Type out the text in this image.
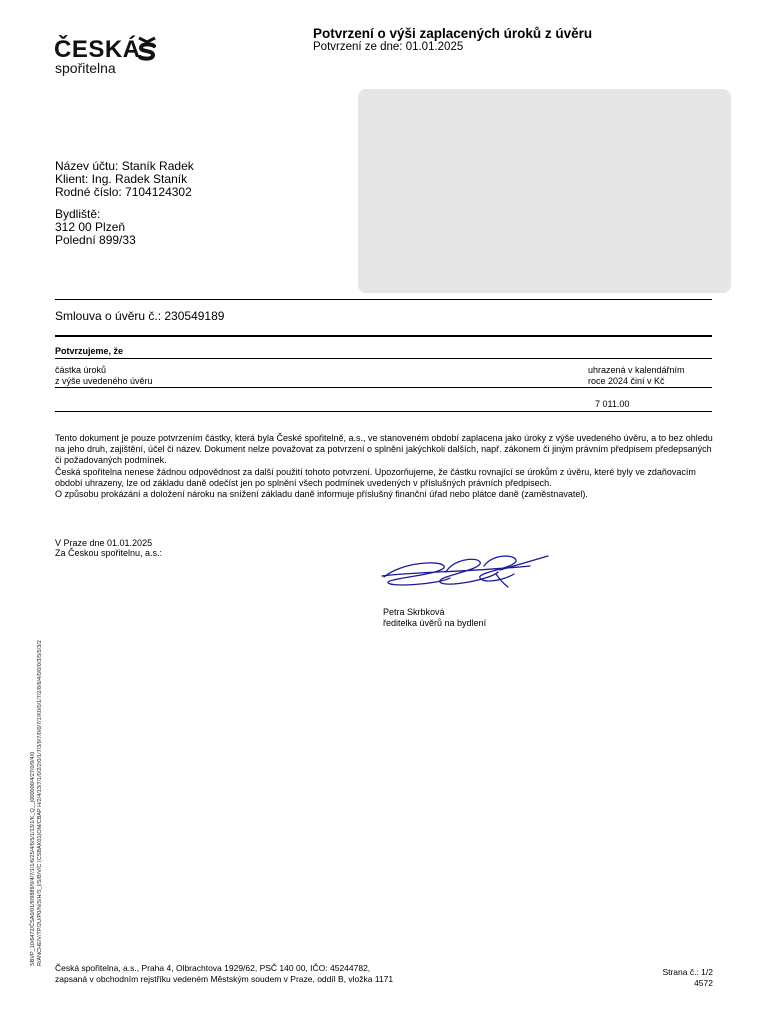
ČESKÁ
spořitelna
Potvrzení o výši zaplacených úroků z úvěru
Potvrzení ze dne: 01.01.2025
Název účtu: Staník Radek
Klient: Ing. Radek Staník
Rodné číslo: 7104124302
Bydliště:
312 00 Plzeň
Polední 899/33
Smlouva o úvěru č.: 230549189
Potvrzujeme, že
částka úroků
z výše uvedeného úvěru
uhrazená v kalendářním
roce 2024 činí v Kč
7 011.00

Tento dokument je pouze potvrzením částky, která byla České spořitelně, a.s., ve stanoveném období zaplacena jako úroky z výše uvedeného úvěru, a to bez ohledu na jeho druh, zajištění, účel či název. Dokument nelze považovat za potvrzení o splnění jakýchkoli dalších, např. zákonem či jiným právním předpisem předepsaných či požadovaných podmínek.

Česká spořitelna nenese žádnou odpovědnost za další použití tohoto potvrzení. Upozorňujeme, že částku rovnající se úrokům z úvěru, které byly ve zdaňovacím období uhrazeny, lze od základu daně odečíst jen po splnění všech podmínek uvedených v příslušných právních předpisech.

O způsobu prokázání a doložení nároku na snížení základu daně informuje příslušný finanční úřad nebo plátce daně (zaměstnavatel).

V Praze dne 01.01.2025
Za Českou spořitelnu, a.s.:
Petra Skrbková
ředitelka úvěrů na bydlení
SBVP_10/6472/ČSA0/01/9/9889/9/4/7/1/1/6/25/4/6/5/1/13/1/K_Q__|000000/4/27/0/9/4/0 R/ANCHE/V/TP/2U/P0/N/S/H/S_I/S/B/V/C (CSBAK01)OM/CBAP H/2/4/13/7/1/0/2/2/0/1/7/3/9/7/0/0/7/1/K0/0/1/7/2/8/6/4/0/0/0/3/5/5/3/2
Česká spořitelna, a.s., Praha 4, Olbrachtova 1929/62, PSČ 140 00, IČO: 45244782,
zapsaná v obchodním rejstříku vedeném Městským soudem v Praze, oddíl B, vložka 1171
Strana č.: 1/2
4572
